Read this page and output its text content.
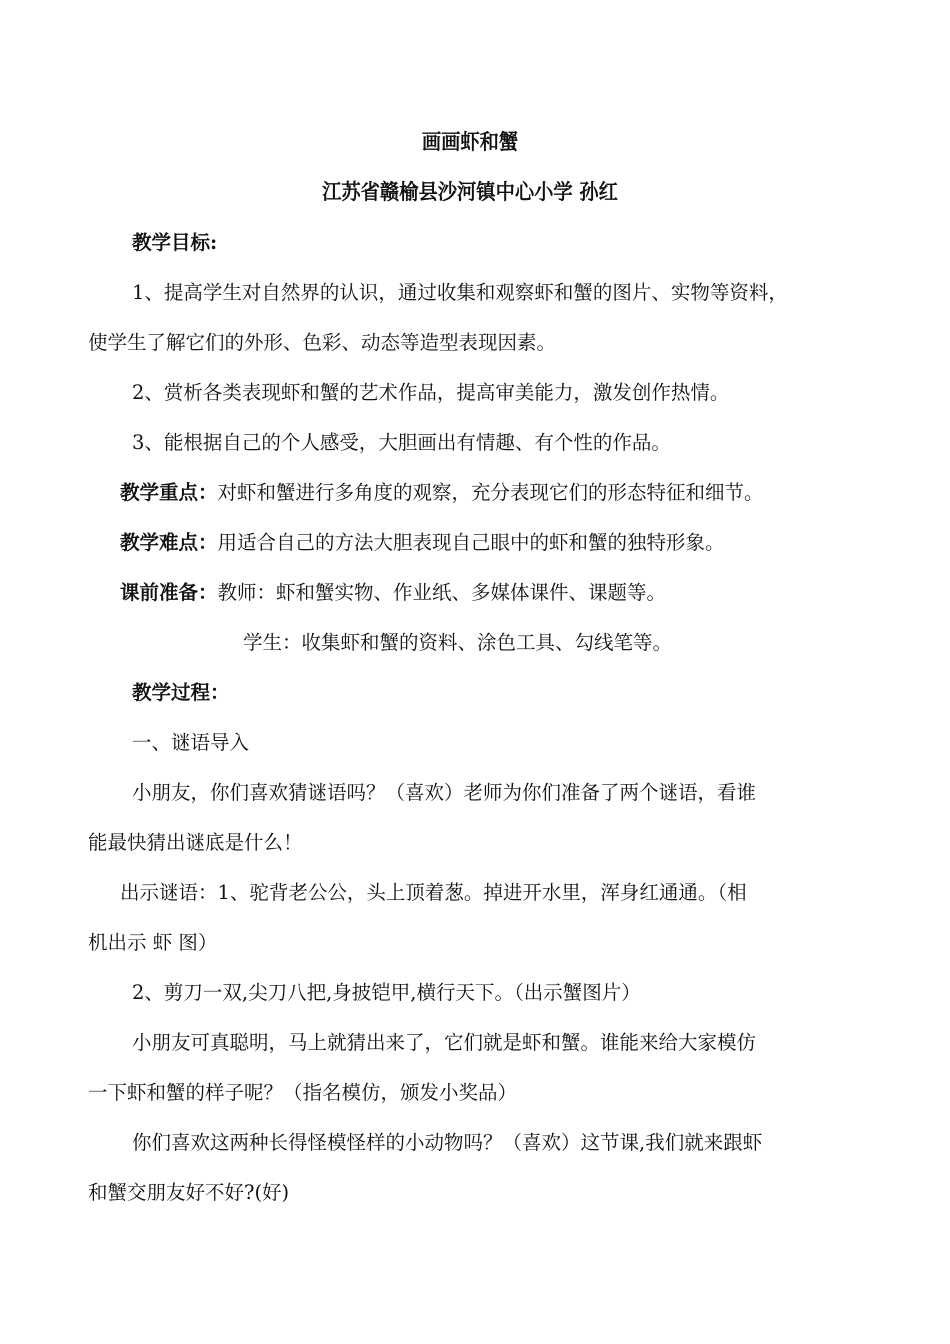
画画虾和蟹
江苏省赣榆县沙河镇中心小学 孙红
教学目标:
1、提高学生对自然界的认识，通过收集和观察虾和蟹的图片、实物等资料，
使学生了解它们的外形、色彩、动态等造型表现因素。
2、赏析各类表现虾和蟹的艺术作品，提高审美能力，激发创作热情。
3、能根据自己的个人感受，大胆画出有情趣、有个性的作品。
教学重点：对虾和蟹进行多角度的观察，充分表现它们的形态特征和细节。
教学难点：用适合自己的方法大胆表现自己眼中的虾和蟹的独特形象。
课前准备：教师：虾和蟹实物、作业纸、多媒体课件、课题等。
学生：收集虾和蟹的资料、涂色工具、勾线笔等。
教学过程：
一、谜语导入
小朋友，你们喜欢猜谜语吗？（喜欢）老师为你们准备了两个谜语，看谁
能最快猜出谜底是什么！
出示谜语：1、驼背老公公，头上顶着葱。掉进开水里，浑身红通通。（相
机出示 虾 图）
2、剪刀一双,尖刀八把,身披铠甲,横行天下。（出示蟹图片）
小朋友可真聪明，马上就猜出来了，它们就是虾和蟹。谁能来给大家模仿
一下虾和蟹的样子呢？（指名模仿，颁发小奖品）
你们喜欢这两种长得怪模怪样的小动物吗？（喜欢）这节课,我们就来跟虾
和蟹交朋友好不好?(好)
